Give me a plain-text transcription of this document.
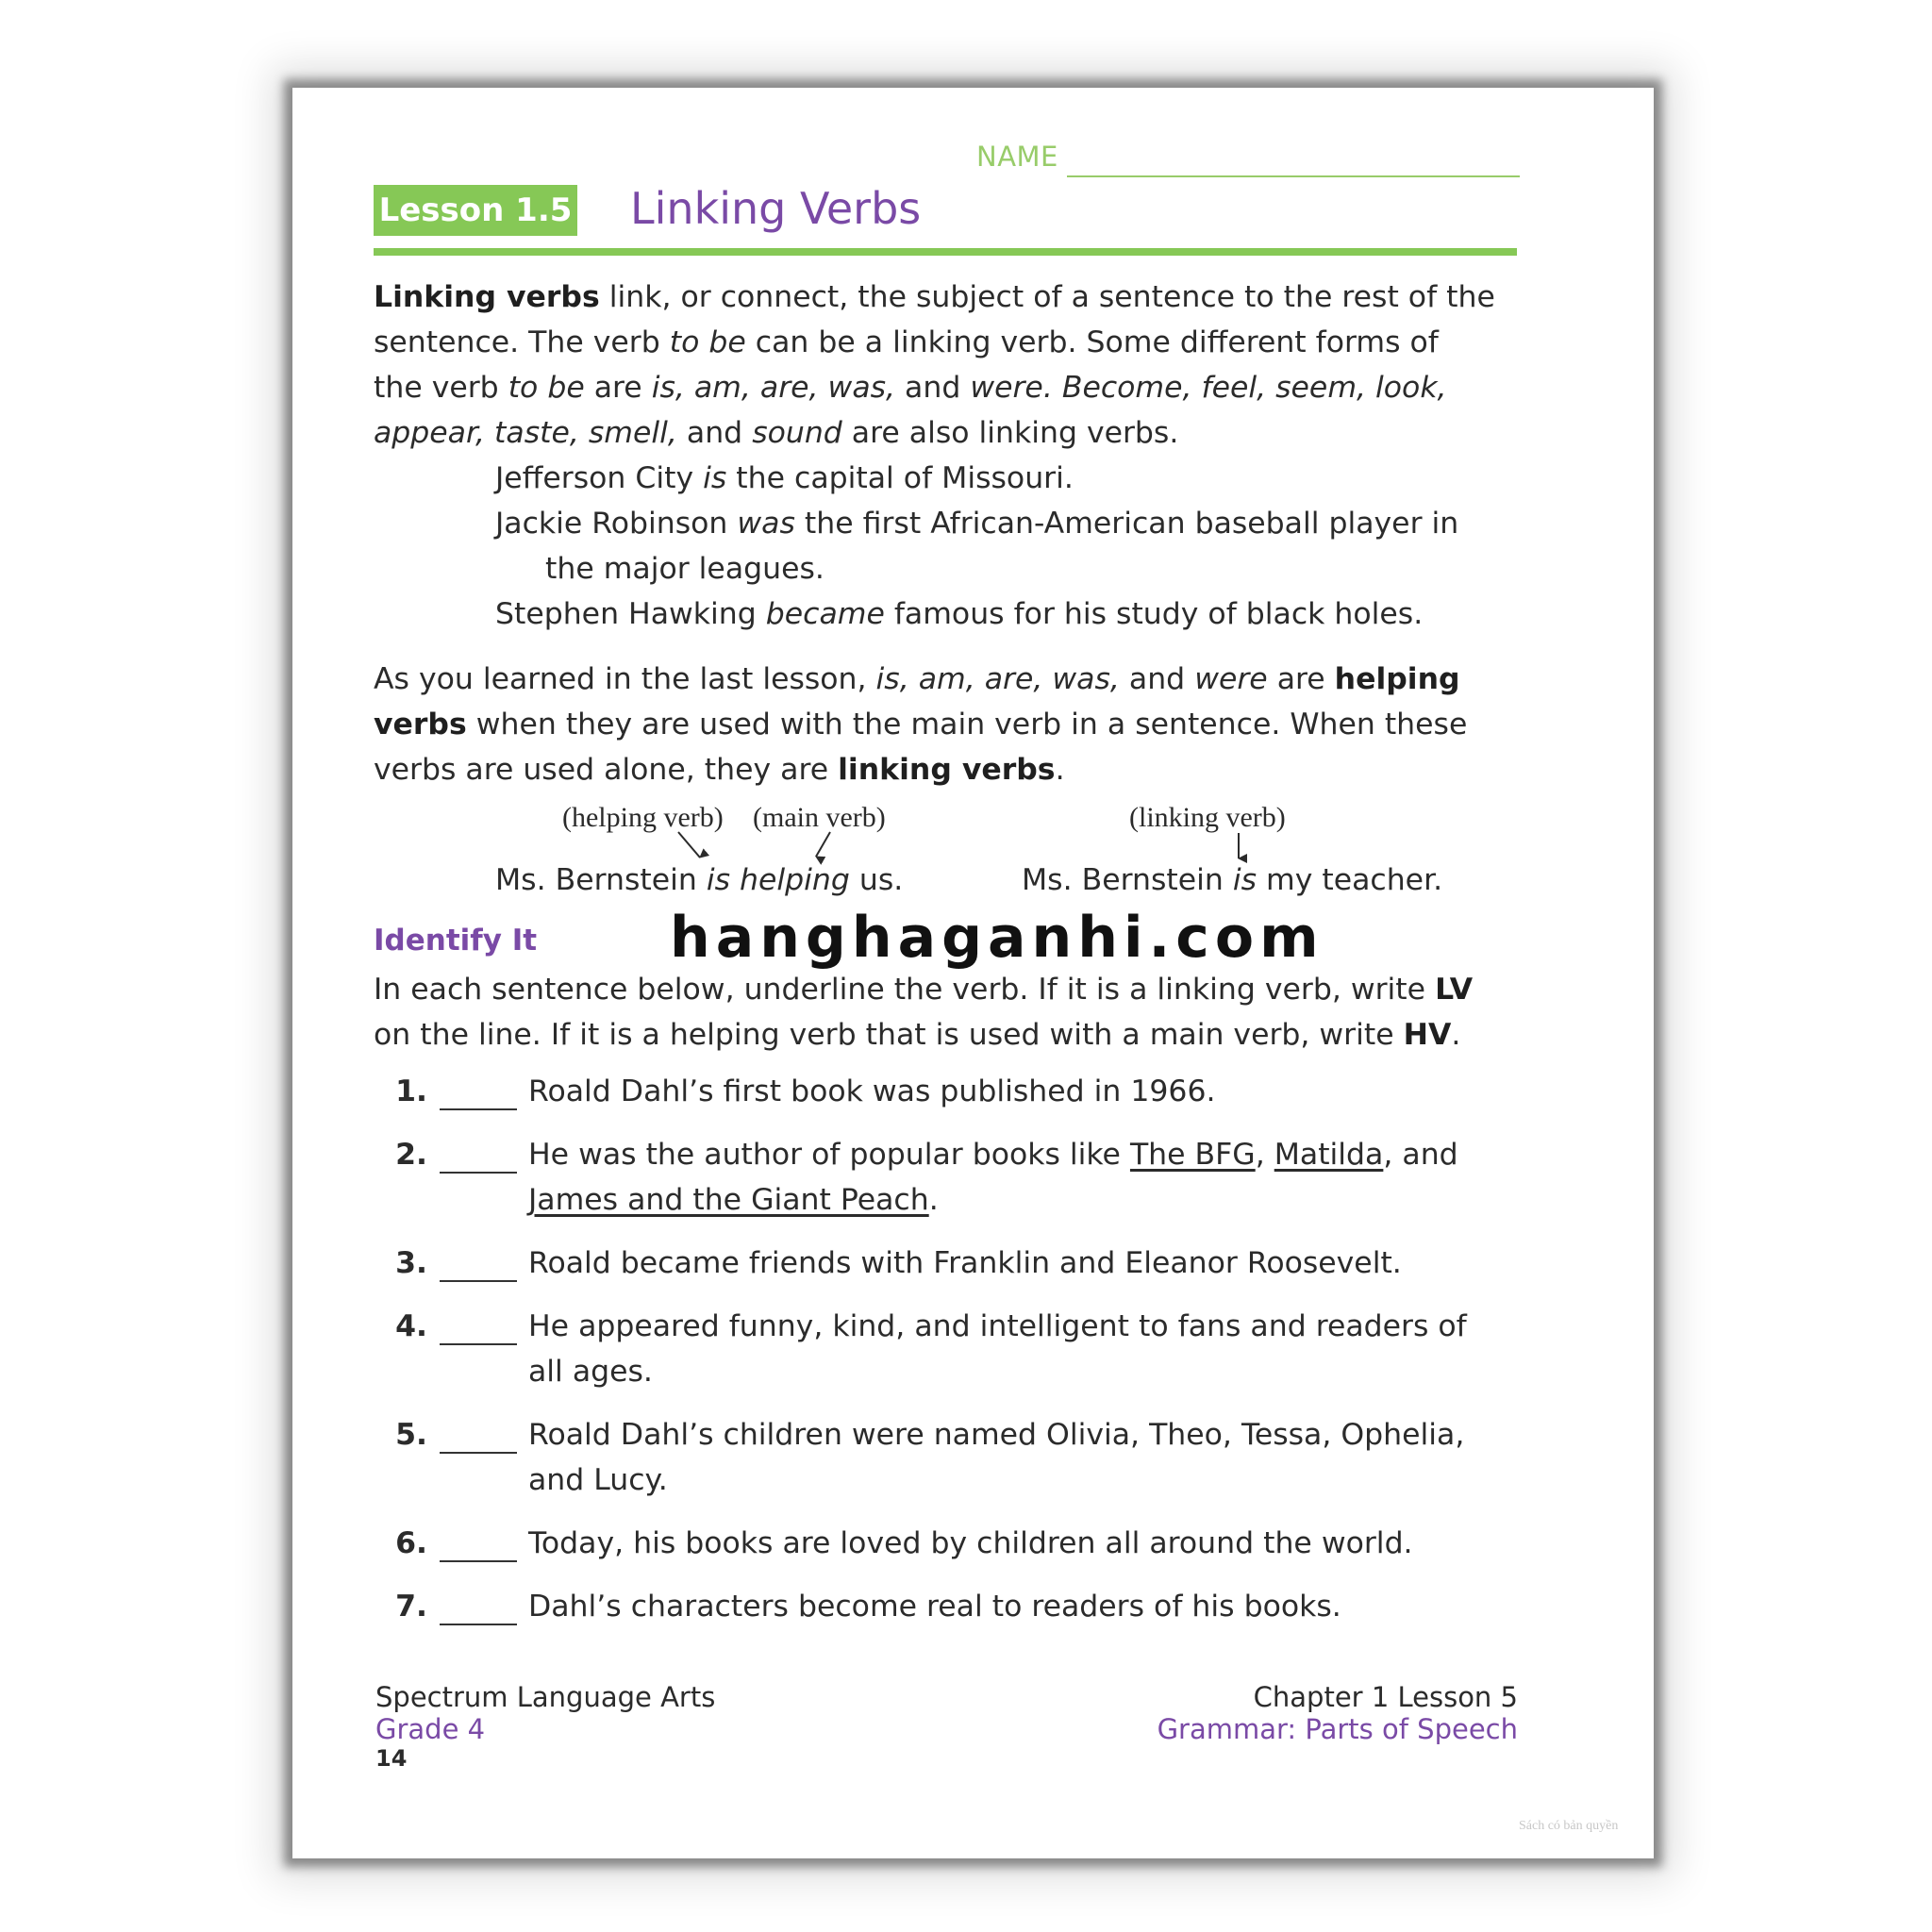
NAME
Lesson 1.5 Linking Verbs
Linking verbs link, or connect, the subject of a sentence to the rest of the
sentence. The verb to be can be a linking verb. Some different forms of
the verb to be are is, am, are, was, and were. Become, feel, seem, look,
appear, taste, smell, and sound are also linking verbs.
Jefferson City is the capital of Missouri.
Jackie Robinson was the first African-American baseball player in
the major leagues.
Stephen Hawking became famous for his study of black holes.
As you learned in the last lesson, is, am, are, was, and were are helping
verbs when they are used with the main verb in a sentence. When these
verbs are used alone, they are linking verbs.
(helping verb) (main verb)	(linking verb)
Ms. Bernstein is helping us.	Ms. Bernstein is my teacher.
Identify It
In each sentence below, underline the verb. If it is a linking verb, write LV
on the line. If it is a helping verb that is used with a main verb, write HV.
1.	Roald Dahl’s first book was published in 1966.
2.	He was the author of popular books like The BFG, Matilda, and
James and the Giant Peach.
3.	Roald became friends with Franklin and Eleanor Roosevelt.
4.	He appeared funny, kind, and intelligent to fans and readers of
all ages.
5.	Roald Dahl’s children were named Olivia, Theo, Tessa, Ophelia,
and Lucy.
6.	Today, his books are loved by children all around the world.
7.	Dahl’s characters become real to readers of his books.
Spectrum Language Arts
Grade 4
14
Chapter 1 Lesson 5
Grammar: Parts of Speech
hanghaganhi.com
Sách có bản quyền
